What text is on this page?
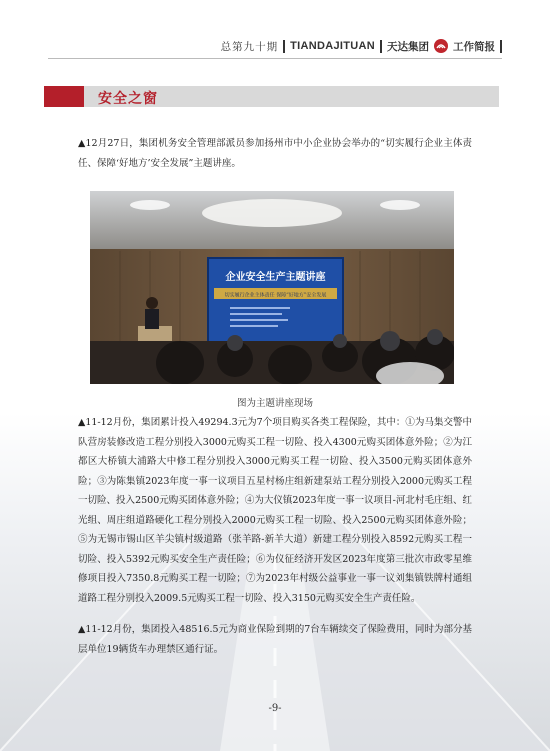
总第九十期 TIANDAJITUAN 天达集团 工作简报
安全之窗
▲12月27日，集团机务安全管理部派员参加扬州市中小企业协会举办的“切实履行企业主体责任、保障‘好地方’安全发展”主题讲座。
企业安全生产主题讲座
切实履行企业主体责任 保障“好地方”安全发展
图为主题讲座现场
▲11-12月份，集团累计投入49294.3元为7个项目购买各类工程保险，其中：①为马集交警中队营房装修改造工程分别投入3000元购买工程一切险、投入4300元购买团体意外险；②为江都区大桥镇大浦路大中修工程分别投入3000元购买工程一切险、投入3500元购买团体意外险；③为陈集镇2023年度一事一议项目五星村杨庄组新建泵站工程分别投入2000元购买工程一切险、投入2500元购买团体意外险；④为大仪镇2023年度一事一议项目-河北村毛庄组、红光组、周庄组道路硬化工程分别投入2000元购买工程一切险、投入2500元购买团体意外险；⑤为无锡市锡山区羊尖镇村级道路（张羊路-新羊大道）新建工程分别投入8592元购买工程一切险、投入5392元购买安全生产责任险；⑥为仪征经济开发区2023年度第三批次市政零星维修项目投入7350.8元购买工程一切险；⑦为2023年村级公益事业一事一议刘集镇铁牌村通组道路工程分别投入2009.5元购买工程一切险、投入3150元购买安全生产责任险。
▲11-12月份，集团投入48516.5元为商业保险到期的7台车辆续交了保险费用，同时为部分基层单位19辆货车办理禁区通行证。
-9-
